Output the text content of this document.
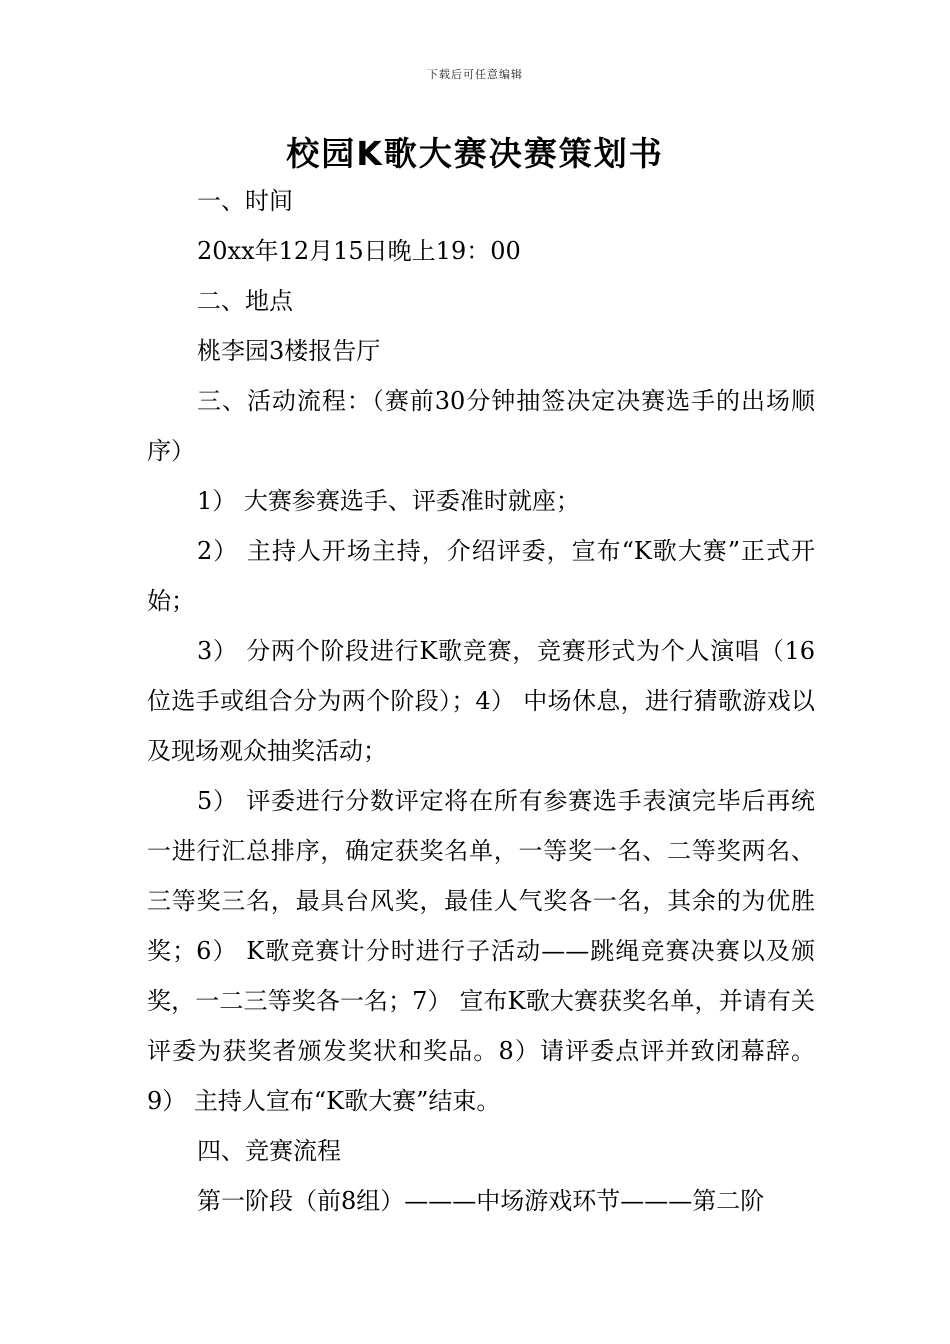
下载后可任意编辑
校园K歌大赛决赛策划书

一、时间

20xx年12月15日晚上19：00

二、地点

桃李园3楼报告厅

三、活动流程：（赛前30分钟抽签决定决赛选手的出场顺序）

1） 大赛参赛选手、评委准时就座；

2） 主持人开场主持，介绍评委，宣布“K歌大赛”正式开始；

3） 分两个阶段进行K歌竞赛，竞赛形式为个人演唱（16位选手或组合分为两个阶段）；4） 中场休息，进行猜歌游戏以及现场观众抽奖活动；

5） 评委进行分数评定将在所有参赛选手表演完毕后再统一进行汇总排序，确定获奖名单，一等奖一名、二等奖两名、三等奖三名，最具台风奖，最佳人气奖各一名，其余的为优胜奖；6） K歌竞赛计分时进行子活动——跳绳竞赛决赛以及颁奖，一二三等奖各一名；7） 宣布K歌大赛获奖名单，并请有关评委为获奖者颁发奖状和奖品。8）请评委点评并致闭幕辞。9） 主持人宣布“K歌大赛”结束。

四、竞赛流程

第一阶段（前8组）———中场游戏环节———第二阶
